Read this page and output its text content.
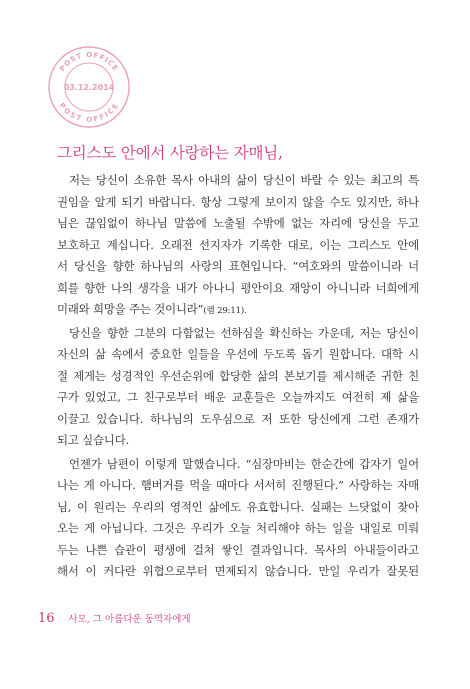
POST OFFICE
03.12.2014
POST OFFICE
그리스도 안에서 사랑하는 자매님,
저는 당신이 소유한 목사 아내의 삶이 당신이 바랄 수 있는 최고의 특
권임을 알게 되기 바랍니다. 항상 그렇게 보이지 않을 수도 있지만, 하나
님은 끊임없이 하나님 말씀에 노출될 수밖에 없는 자리에 당신을 두고
보호하고 계십니다. 오래전 선지자가 기록한 대로, 이는 그리스도 안에
서 당신을 향한 하나님의 사랑의 표현입니다. “여호와의 말씀이니라 너
희를 향한 나의 생각을 내가 아나니 평안이요 재앙이 아니니라 너희에게
미래와 희망을 주는 것이니라”(렘 29:11).
당신을 향한 그분의 다함없는 선하심을 확신하는 가운데, 저는 당신이
자신의 삶 속에서 중요한 일들을 우선에 두도록 돕기 원합니다. 대학 시
절 제게는 성경적인 우선순위에 합당한 삶의 본보기를 제시해준 귀한 친
구가 있었고, 그 친구로부터 배운 교훈들은 오늘까지도 여전히 제 삶을
이끌고 있습니다. 하나님의 도우심으로 저 또한 당신에게 그런 존재가
되고 싶습니다.
언젠가 남편이 이렇게 말했습니다. “심장마비는 한순간에 갑자기 일어
나는 게 아니다. 햄버거를 먹을 때마다 서서히 진행된다.” 사랑하는 자매
님, 이 원리는 우리의 영적인 삶에도 유효합니다. 실패는 느닷없이 찾아
오는 게 아닙니다. 그것은 우리가 오늘 처리해야 하는 일을 내일로 미뤄
두는 나쁜 습관이 평생에 걸쳐 쌓인 결과입니다. 목사의 아내들이라고
해서 이 커다란 위협으로부터 면제되지 않습니다. 만일 우리가 잘못된
16 사모, 그 아름다운 동역자에게
